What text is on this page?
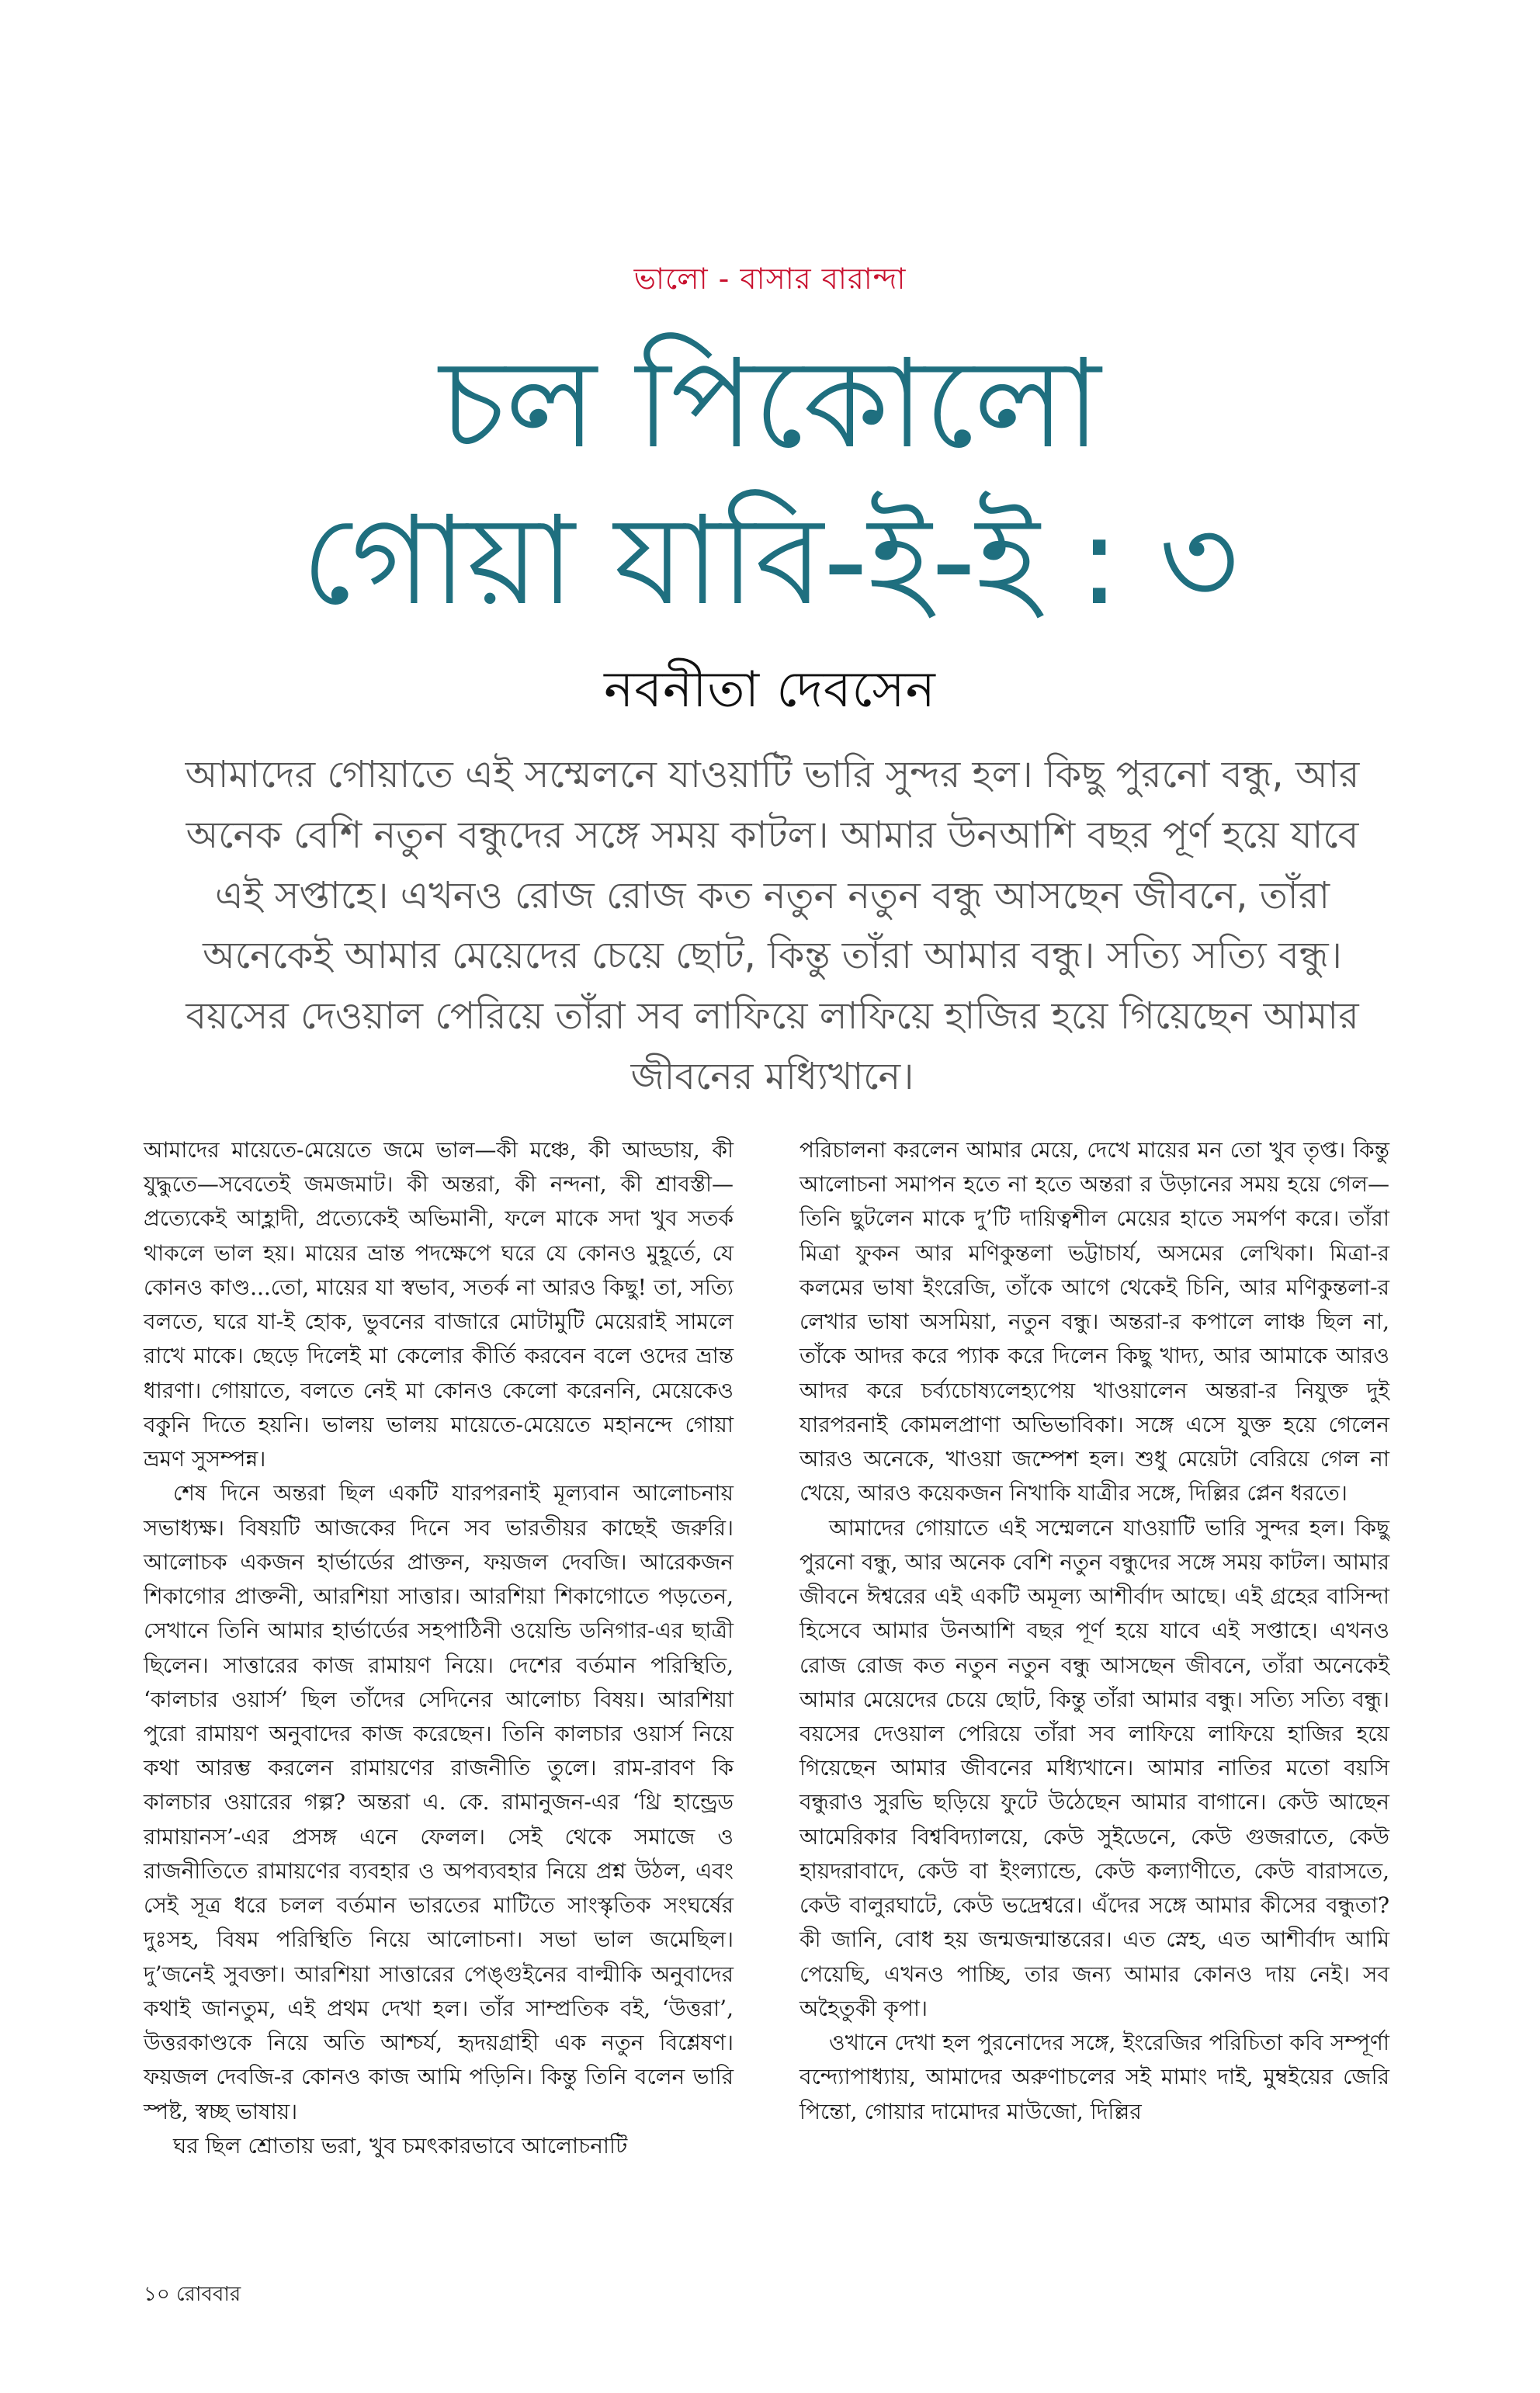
ভালো - বাসার বারান্দা
চল পিকোলো
গোয়া যাবি-ই-ই : ৩
নবনীতা দেবসেন

আমাদের গোয়াতে এই সম্মেলনে যাওয়াটি ভারি সুন্দর হল। কিছু পুরনো বন্ধু, আর অনেক বেশি নতুন বন্ধুদের সঙ্গে সময় কাটল। আমার উনআশি বছর পূর্ণ হয়ে যাবে এই সপ্তাহে। এখনও রোজ রোজ কত নতুন নতুন বন্ধু আসছেন জীবনে, তাঁরা অনেকেই আমার মেয়েদের চেয়ে ছোট, কিন্তু তাঁরা আমার বন্ধু। সত্যি সত্যি বন্ধু। বয়সের দেওয়াল পেরিয়ে তাঁরা সব লাফিয়ে লাফিয়ে হাজির হয়ে গিয়েছেন আমার জীবনের মধ্যিখানে।

আমাদের মায়েতে-মেয়েতে জমে ভাল—কী মঞ্চে, কী আড্ডায়, কী যুদ্ধুতে—সবেতেই জমজমাট। কী অন্তরা, কী নন্দনা, কী শ্রাবস্তী—প্রত্যেকেই আহ্লাদী, প্রত্যেকেই অভিমানী, ফলে মাকে সদা খুব সতর্ক থাকলে ভাল হয়। মায়ের ভ্রান্ত পদক্ষেপে ঘরে যে কোনও মুহূর্তে, যে কোনও কাণ্ড...তো, মায়ের যা স্বভাব, সতর্ক না আরও কিছু! তা, সত্যি বলতে, ঘরে যা-ই হোক, ভুবনের বাজারে মোটামুটি মেয়েরাই সামলে রাখে মাকে। ছেড়ে দিলেই মা কেলোর কীর্তি করবেন বলে ওদের ভ্রান্ত ধারণা। গোয়াতে, বলতে নেই মা কোনও কেলো করেননি, মেয়েকেও বকুনি দিতে হয়নি। ভালয় ভালয় মায়েতে-মেয়েতে মহানন্দে গোয়া ভ্রমণ সুসম্পন্ন।

শেষ দিনে অন্তরা ছিল একটি যারপরনাই মূল্যবান আলোচনায় সভাধ্যক্ষ। বিষয়টি আজকের দিনে সব ভারতীয়র কাছেই জরুরি। আলোচক একজন হার্ভার্ডের প্রাক্তন, ফয়জল দেবজি। আরেকজন শিকাগোর প্রাক্তনী, আরশিয়া সাত্তার। আরশিয়া শিকাগোতে পড়তেন, সেখানে তিনি আমার হার্ভার্ডের সহপাঠিনী ওয়েন্ডি ডনিগার-এর ছাত্রী ছিলেন। সাত্তারের কাজ রামায়ণ নিয়ে। দেশের বর্তমান পরিস্থিতি, ‘কালচার ওয়ার্স’ ছিল তাঁদের সেদিনের আলোচ্য বিষয়। আরশিয়া পুরো রামায়ণ অনুবাদের কাজ করেছেন। তিনি কালচার ওয়ার্স নিয়ে কথা আরম্ভ করলেন রামায়ণের রাজনীতি তুলে। রাম-রাবণ কি কালচার ওয়ারের গল্প? অন্তরা এ. কে. রামানুজন-এর ‘থ্রি হান্ড্রেড রামায়ানস’-এর প্রসঙ্গ এনে ফেলল। সেই থেকে সমাজে ও রাজনীতিতে রামায়ণের ব্যবহার ও অপব্যবহার নিয়ে প্রশ্ন উঠল, এবং সেই সূত্র ধরে চলল বর্তমান ভারতের মাটিতে সাংস্কৃতিক সংঘর্ষের দুঃসহ, বিষম পরিস্থিতি নিয়ে আলোচনা। সভা ভাল জমেছিল। দু’জনেই সুবক্তা। আরশিয়া সাত্তারের পেঙ্গুইনের বাল্মীকি অনুবাদের কথাই জানতুম, এই প্রথম দেখা হল। তাঁর সাম্প্রতিক বই, ‘উত্তরা’, উত্তরকাণ্ডকে নিয়ে অতি আশ্চর্য, হৃদয়গ্রাহী এক নতুন বিশ্লেষণ। ফয়জল দেবজি-র কোনও কাজ আমি পড়িনি। কিন্তু তিনি বলেন ভারি স্পষ্ট, স্বচ্ছ ভাষায়।

ঘর ছিল শ্রোতায় ভরা, খুব চমৎকারভাবে আলোচনাটি

পরিচালনা করলেন আমার মেয়ে, দেখে মায়ের মন তো খুব তৃপ্ত। কিন্তু আলোচনা সমাপন হতে না হতে অন্তরা র উড়ানের সময় হয়ে গেল—তিনি ছুটলেন মাকে দু’টি দায়িত্বশীল মেয়ের হাতে সমর্পণ করে। তাঁরা মিত্রা ফুকন আর মণিকুন্তলা ভট্টাচার্য, অসমের লেখিকা। মিত্রা-র কলমের ভাষা ইংরেজি, তাঁকে আগে থেকেই চিনি, আর মণিকুন্তলা-র লেখার ভাষা অসমিয়া, নতুন বন্ধু। অন্তরা-র কপালে লাঞ্চ ছিল না, তাঁকে আদর করে প্যাক করে দিলেন কিছু খাদ্য, আর আমাকে আরও আদর করে চর্ব্যচোষ্যলেহ্যপেয় খাওয়ালেন অন্তরা-র নিযুক্ত দুই যারপরনাই কোমলপ্রাণা অভিভাবিকা। সঙ্গে এসে যুক্ত হয়ে গেলেন আরও অনেকে, খাওয়া জম্পেশ হল। শুধু মেয়েটা বেরিয়ে গেল না খেয়ে, আরও কয়েকজন নিখাকি যাত্রীর সঙ্গে, দিল্লির প্লেন ধরতে।

আমাদের গোয়াতে এই সম্মেলনে যাওয়াটি ভারি সুন্দর হল। কিছু পুরনো বন্ধু, আর অনেক বেশি নতুন বন্ধুদের সঙ্গে সময় কাটল। আমার জীবনে ঈশ্বরের এই একটি অমূল্য আশীর্বাদ আছে। এই গ্রহের বাসিন্দা হিসেবে আমার উনআশি বছর পূর্ণ হয়ে যাবে এই সপ্তাহে। এখনও রোজ রোজ কত নতুন নতুন বন্ধু আসছেন জীবনে, তাঁরা অনেকেই আমার মেয়েদের চেয়ে ছোট, কিন্তু তাঁরা আমার বন্ধু। সত্যি সত্যি বন্ধু। বয়সের দেওয়াল পেরিয়ে তাঁরা সব লাফিয়ে লাফিয়ে হাজির হয়ে গিয়েছেন আমার জীবনের মধ্যিখানে। আমার নাতির মতো বয়সি বন্ধুরাও সুরভি ছড়িয়ে ফুটে উঠেছেন আমার বাগানে। কেউ আছেন আমেরিকার বিশ্ববিদ্যালয়ে, কেউ সুইডেনে, কেউ গুজরাতে, কেউ হায়দরাবাদে, কেউ বা ইংল্যান্ডে, কেউ কল্যাণীতে, কেউ বারাসতে, কেউ বালুরঘাটে, কেউ ভদ্রেশ্বরে। এঁদের সঙ্গে আমার কীসের বন্ধুতা? কী জানি, বোধ হয় জন্মজন্মান্তরের। এত স্নেহ, এত আশীর্বাদ আমি পেয়েছি, এখনও পাচ্ছি, তার জন্য আমার কোনও দায় নেই। সব অহৈতুকী কৃপা।

ওখানে দেখা হল পুরনোদের সঙ্গে, ইংরেজির পরিচিতা কবি সম্পূর্ণা বন্দ্যোপাধ্যায়, আমাদের অরুণাচলের সই মামাং দাই, মুম্বইয়ের জেরি পিন্তো, গোয়ার দামোদর মাউজো, দিল্লির

১০ রোববার
